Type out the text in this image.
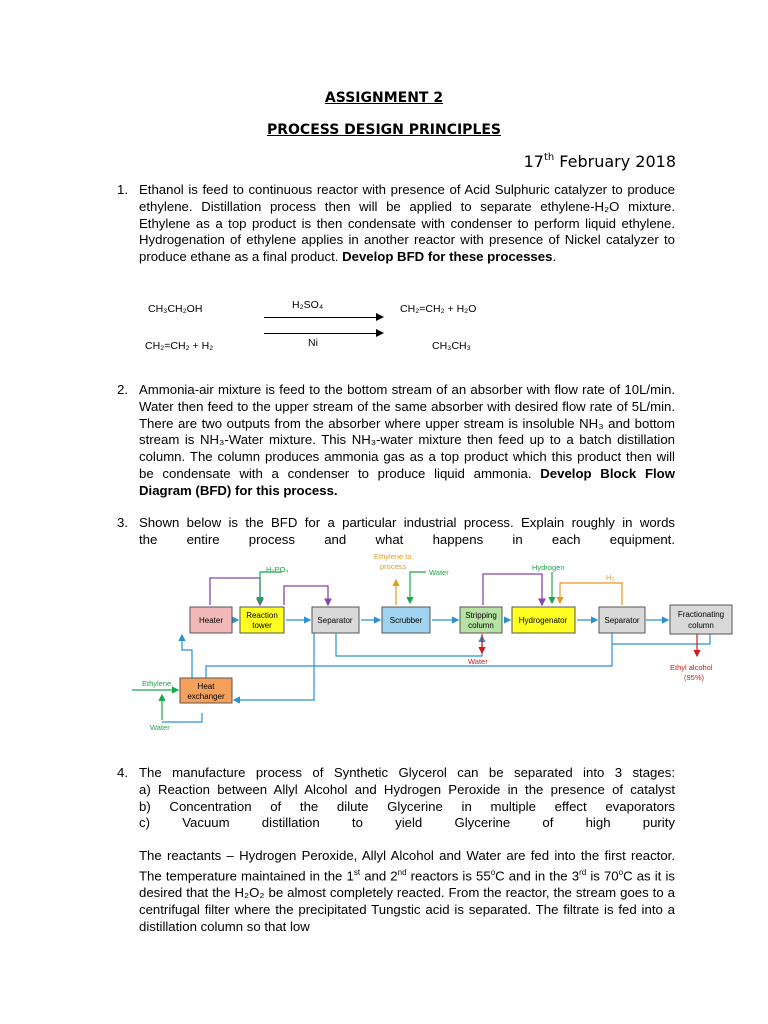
ASSIGNMENT 2
PROCESS DESIGN PRINCIPLES
17th February 2018
1. Ethanol is feed to continuous reactor with presence of Acid Sulphuric catalyzer to produce ethylene. Distillation process then will be applied to separate ethylene-H₂O mixture. Ethylene as a top product is then condensate with condenser to perform liquid ethylene. Hydrogenation of ethylene applies in another reactor with presence of Nickel catalyzer to produce ethane as a final product. Develop BFD for these processes.
CH₃CH₂OH	H₂SO₄	CH₂=CH₂ + H₂O
CH₂=CH₂ + H₂	Ni	CH₃CH₃
2. Ammonia-air mixture is feed to the bottom stream of an absorber with flow rate of 10L/min. Water then feed to the upper stream of the same absorber with desired flow rate of 5L/min. There are two outputs from the absorber where upper stream is insoluble NH₃ and bottom stream is NH₃-Water mixture. This NH₃-water mixture then feed up to a batch distillation column. The column produces ammonia gas as a top product which this product then will be condensate with a condenser to produce liquid ammonia. Develop Block Flow Diagram (BFD) for this process.
3. Shown below is the BFD for a particular industrial process. Explain roughly in words
the entire process and what happens in each equipment.
H₃PO₄
Ethylene to
process
Water
Hydrogen
H₂
Water
Ethyl alcohol
(95%)
Ethylene
Water
Heater
Reaction
tower
Separator	Scrubber
Stripping
column
Hydrogenator	Separator
Fractionating
column
Heat
exchanger
4. The manufacture process of Synthetic Glycerol can be separated into 3 stages:
a) Reaction between Allyl Alcohol and Hydrogen Peroxide in the presence of catalyst
b) Concentration of the dilute Glycerine in multiple effect evaporators
c) Vacuum distillation to yield Glycerine of high purity
The reactants – Hydrogen Peroxide, Allyl Alcohol and Water are fed into the first reactor. The temperature maintained in the 1st and 2nd reactors is 55$^o$C and in the 3rd is 70$^o$C as it is desired that the H₂O₂ be almost completely reacted. From the reactor, the stream goes to a centrifugal filter where the precipitated Tungstic acid is separated. The filtrate is fed into a distillation column so that low
